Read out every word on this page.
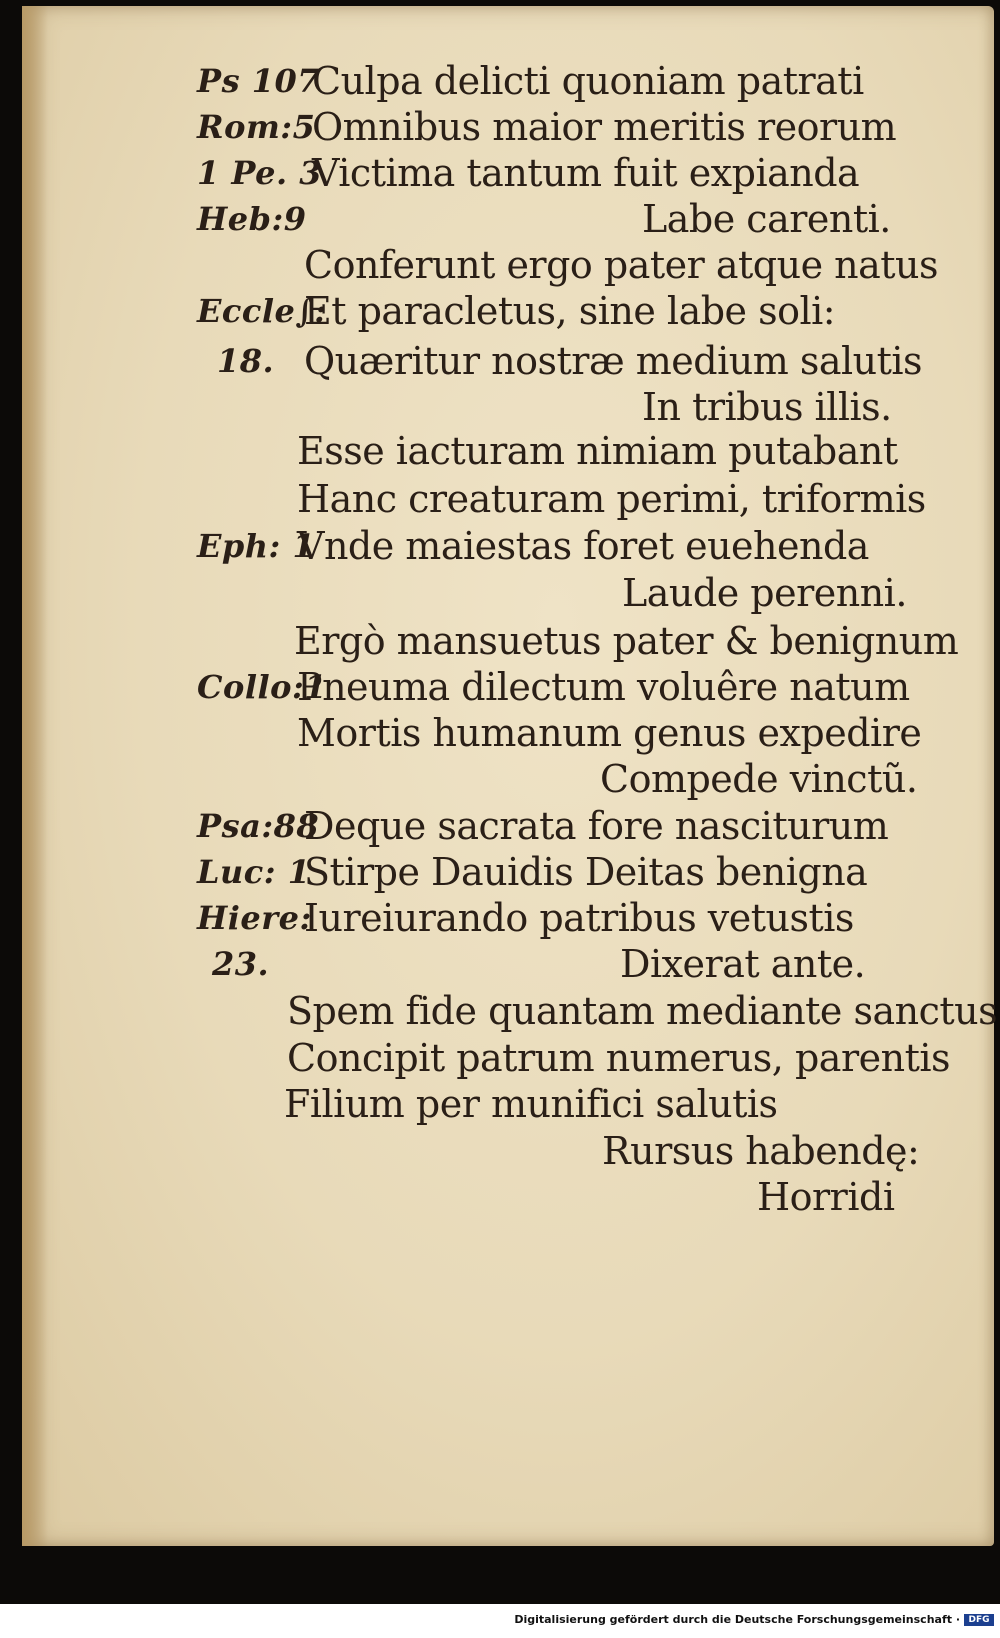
Ps 107
Culpa delicti quoniam patrati
Rom:5
Omnibus maior meritis reorum
1 Pe. 3
Victima tantum fuit expianda
Heb:9	Labe carenti.
Conferunt ergo pater atque natus
Eccle∫:
Et paracletus, sine labe soli:
18. Quæritur nostræ medium salutis
In tribus illis.
Esse iacturam nimiam putabant
Hanc creaturam perimi, triformis
Eph: 1
Vnde maiestas foret euehenda
Laude perenni.
Ergò mansuetus pater & benignum
Collo:1
Pneuma dilectum voluêre natum
Mortis humanum genus expedire
Compede vinctũ.
Psa:88
Deque sacrata fore nasciturum
Luc: 1
Stirpe Dauidis Deitas benigna
Hiere:
Iureiurando patribus vetustis
23.	Dixerat ante.
Spem fide quantam mediante sanctus
Concipit patrum numerus, parentis
Filium per munifici salutis
Rursus habendę:
Horridi
Digitalisierung gefördert durch die Deutsche Forschungsgemeinschaft · DFG
